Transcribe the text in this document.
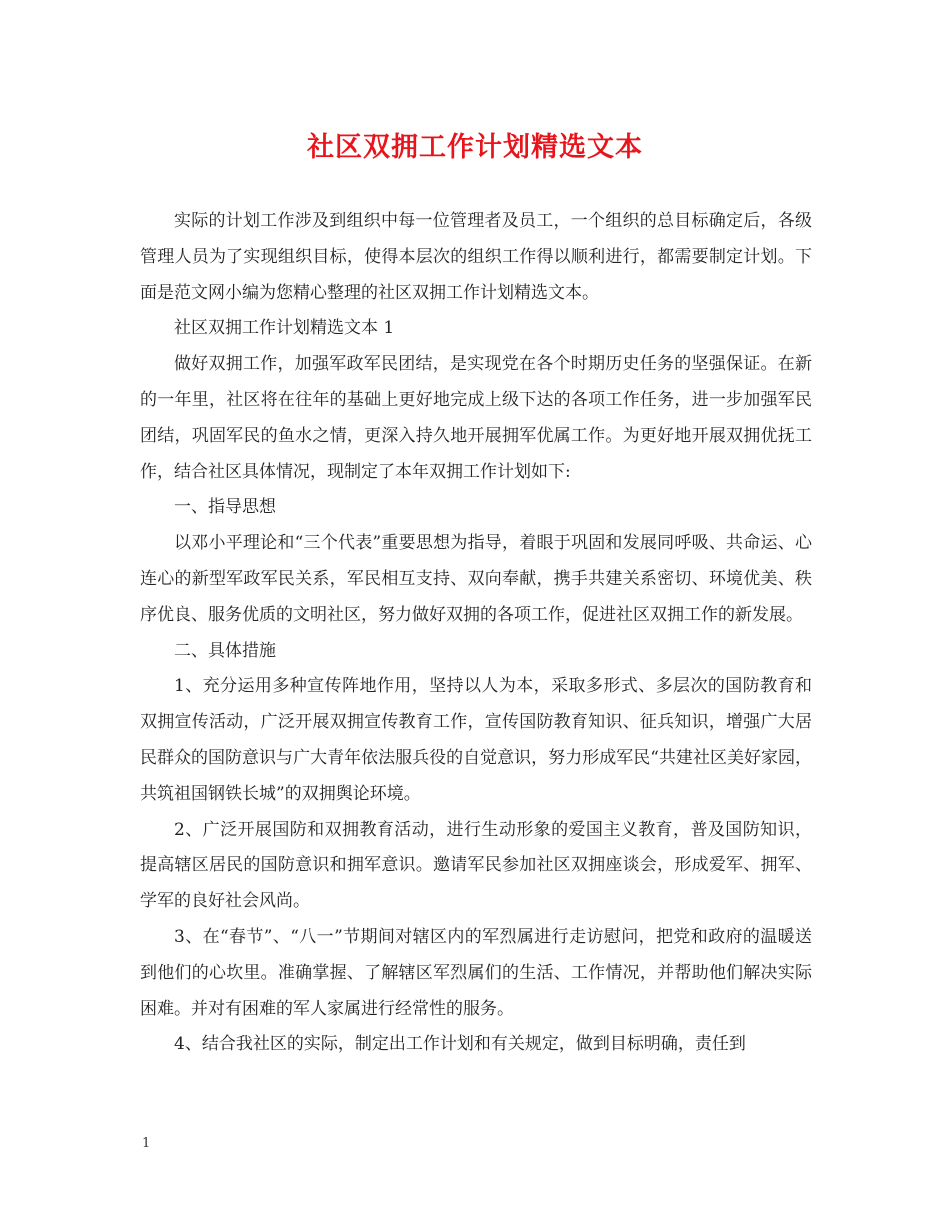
社区双拥工作计划精选文本

实际的计划工作涉及到组织中每一位管理者及员工，一个组织的总目标确定后，各级管理人员为了实现组织目标，使得本层次的组织工作得以顺利进行，都需要制定计划。下面是范文网小编为您精心整理的社区双拥工作计划精选文本。

社区双拥工作计划精选文本 1

做好双拥工作，加强军政军民团结，是实现党在各个时期历史任务的坚强保证。在新的一年里，社区将在往年的基础上更好地完成上级下达的各项工作任务，进一步加强军民团结，巩固军民的鱼水之情，更深入持久地开展拥军优属工作。为更好地开展双拥优抚工作，结合社区具体情况，现制定了本年双拥工作计划如下:

一、指导思想

以邓小平理论和“三个代表”重要思想为指导，着眼于巩固和发展同呼吸、共命运、心连心的新型军政军民关系，军民相互支持、双向奉献，携手共建关系密切、环境优美、秩序优良、服务优质的文明社区，努力做好双拥的各项工作，促进社区双拥工作的新发展。

二、具体措施

1、充分运用多种宣传阵地作用，坚持以人为本，采取多形式、多层次的国防教育和双拥宣传活动，广泛开展双拥宣传教育工作，宣传国防教育知识、征兵知识，增强广大居民群众的国防意识与广大青年依法服兵役的自觉意识，努力形成军民“共建社区美好家园，共筑祖国钢铁长城”的双拥舆论环境。

2、广泛开展国防和双拥教育活动，进行生动形象的爱国主义教育，普及国防知识，提高辖区居民的国防意识和拥军意识。邀请军民参加社区双拥座谈会，形成爱军、拥军、学军的良好社会风尚。

3、在“春节”、“八一”节期间对辖区内的军烈属进行走访慰问，把党和政府的温暖送到他们的心坎里。准确掌握、了解辖区军烈属们的生活、工作情况，并帮助他们解决实际困难。并对有困难的军人家属进行经常性的服务。

4、结合我社区的实际，制定出工作计划和有关规定，做到目标明确，责任到

1
